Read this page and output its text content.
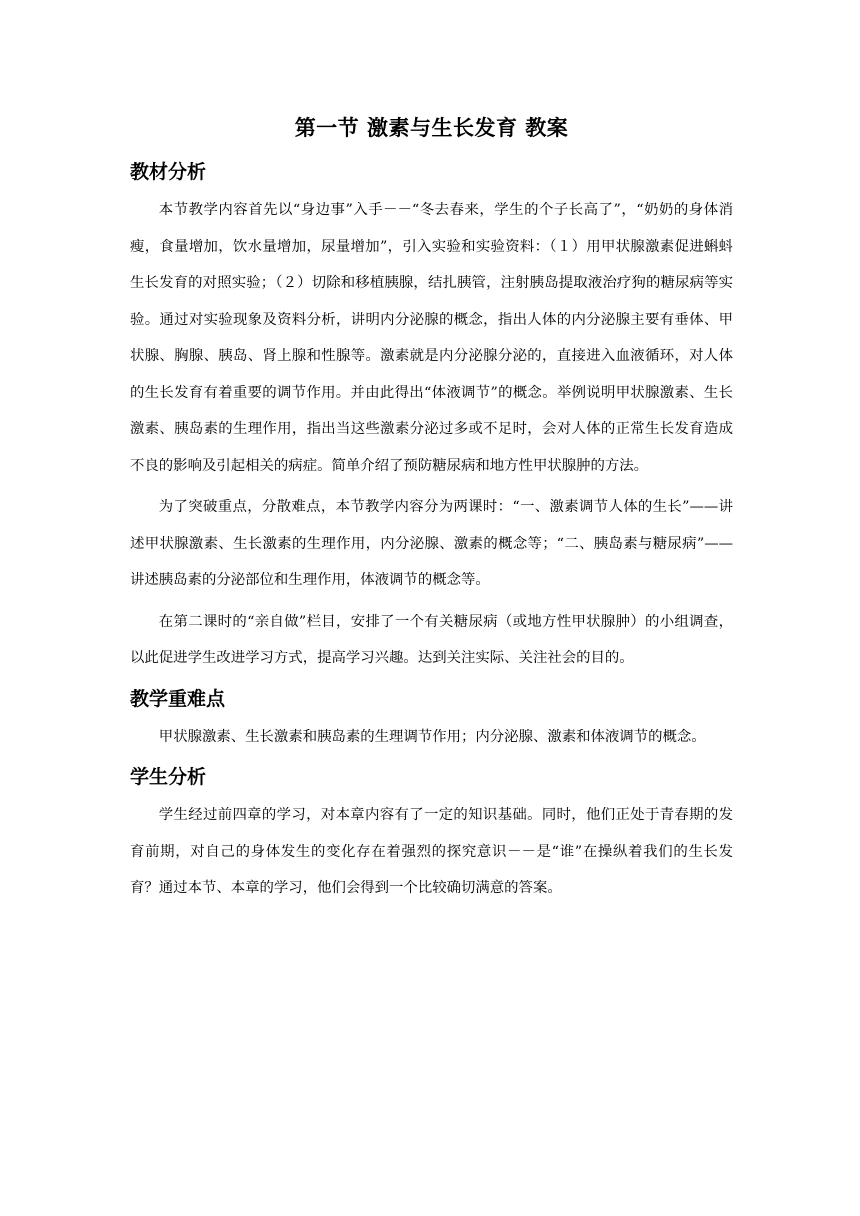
第一节 激素与生长发育 教案
教材分析

本节教学内容首先以“身边事”入手－－“冬去春来，学生的个子长高了”，“奶奶的身体消瘦，食量增加，饮水量增加，尿量增加”，引入实验和实验资料：（１）用甲状腺激素促进蝌蚪生长发育的对照实验；（２）切除和移植胰腺，结扎胰管，注射胰岛提取液治疗狗的糖尿病等实验。通过对实验现象及资料分析，讲明内分泌腺的概念，指出人体的内分泌腺主要有垂体、甲状腺、胸腺、胰岛、肾上腺和性腺等。激素就是内分泌腺分泌的，直接进入血液循环，对人体的生长发育有着重要的调节作用。并由此得出“体液调节”的概念。举例说明甲状腺激素、生长激素、胰岛素的生理作用，指出当这些激素分泌过多或不足时，会对人体的正常生长发育造成不良的影响及引起相关的病症。简单介绍了预防糖尿病和地方性甲状腺肿的方法。

为了突破重点，分散难点，本节教学内容分为两课时：“一、激素调节人体的生长”——讲述甲状腺激素、生长激素的生理作用，内分泌腺、激素的概念等；“二、胰岛素与糖尿病”——讲述胰岛素的分泌部位和生理作用，体液调节的概念等。

在第二课时的“亲自做”栏目，安排了一个有关糖尿病（或地方性甲状腺肿）的小组调查，以此促进学生改进学习方式，提高学习兴趣。达到关注实际、关注社会的目的。

教学重难点

甲状腺激素、生长激素和胰岛素的生理调节作用；内分泌腺、激素和体液调节的概念。

学生分析

学生经过前四章的学习，对本章内容有了一定的知识基础。同时，他们正处于青春期的发育前期，对自己的身体发生的变化存在着强烈的探究意识－－是“谁”在操纵着我们的生长发育？通过本节、本章的学习，他们会得到一个比较确切满意的答案。
